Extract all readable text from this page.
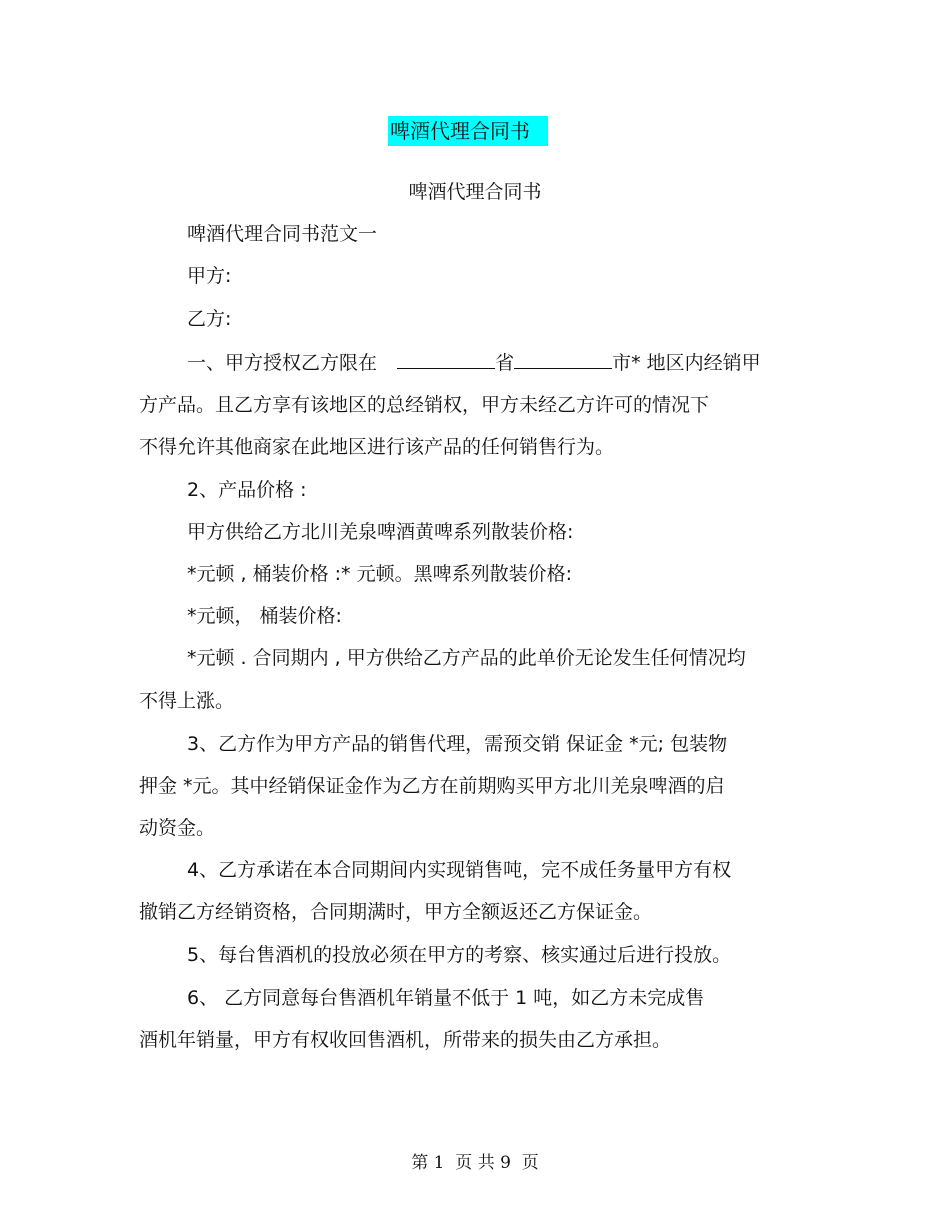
啤酒代理合同书
啤酒代理合同书
啤酒代理合同书范文一
甲方:
乙方:
一、甲方授权乙方限在	省	市* 地区内经销甲
方产品。且乙方享有该地区的总经销权，甲方未经乙方许可的情况下
不得允许其他商家在此地区进行该产品的任何销售行为。
2、产品价格 :
甲方供给乙方北川羌泉啤酒黄啤系列散装价格:
*元顿 , 桶装价格 :* 元顿。黑啤系列散装价格:
*元顿， 桶装价格:
*元顿 . 合同期内 , 甲方供给乙方产品的此单价无论发生任何情况均
不得上涨。
3、乙方作为甲方产品的销售代理，需预交销 保证金 *元; 包装物
押金 *元。其中经销保证金作为乙方在前期购买甲方北川羌泉啤酒的启
动资金。
4、乙方承诺在本合同期间内实现销售吨，完不成任务量甲方有权
撤销乙方经销资格，合同期满时，甲方全额返还乙方保证金。
5、每台售酒机的投放必须在甲方的考察、核实通过后进行投放。
6、 乙方同意每台售酒机年销量不低于 1 吨，如乙方未完成售
酒机年销量，甲方有权收回售酒机，所带来的损失由乙方承担。
第 1  页 共 9  页
